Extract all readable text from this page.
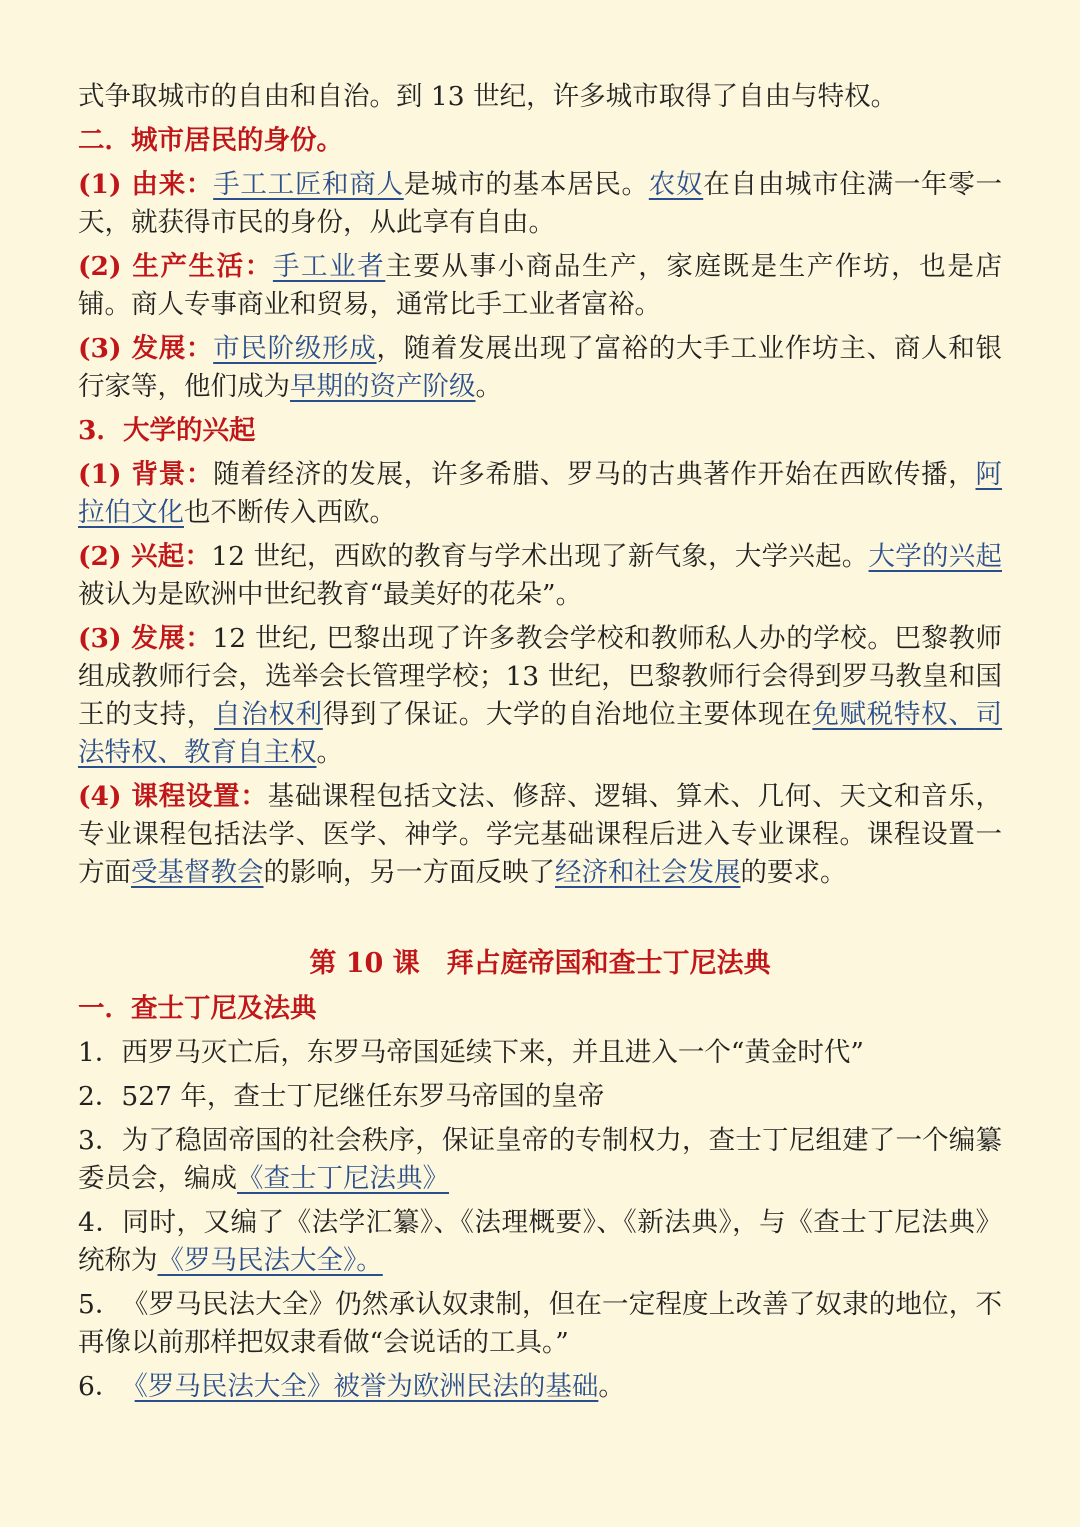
式争取城市的自由和自治。到 13 世纪，许多城市取得了自由与特权。

二．城市居民的身份。

(1) 由来：手工工匠和商人是城市的基本居民。农奴在自由城市住满一年零一天，就获得市民的身份，从此享有自由。

(2) 生产生活：手工业者主要从事小商品生产，家庭既是生产作坊，也是店铺。商人专事商业和贸易，通常比手工业者富裕。

(3) 发展：市民阶级形成，随着发展出现了富裕的大手工业作坊主、商人和银行家等，他们成为早期的资产阶级。

3．大学的兴起

(1) 背景：随着经济的发展，许多希腊、罗马的古典著作开始在西欧传播，阿拉伯文化也不断传入西欧。

(2) 兴起：12 世纪，西欧的教育与学术出现了新气象，大学兴起。大学的兴起被认为是欧洲中世纪教育“最美好的花朵”。

(3) 发展：12 世纪, 巴黎出现了许多教会学校和教师私人办的学校。巴黎教师组成教师行会，选举会长管理学校；13 世纪，巴黎教师行会得到罗马教皇和国王的支持，自治权利得到了保证。大学的自治地位主要体现在免赋税特权、司法特权、教育自主权。

(4) 课程设置：基础课程包括文法、修辞、逻辑、算术、几何、天文和音乐，专业课程包括法学、医学、神学。学完基础课程后进入专业课程。课程设置一方面受基督教会的影响，另一方面反映了经济和社会发展的要求。

第 10 课　拜占庭帝国和查士丁尼法典

一．查士丁尼及法典

1．西罗马灭亡后，东罗马帝国延续下来，并且进入一个“黄金时代”

2．527 年，查士丁尼继任东罗马帝国的皇帝

3．为了稳固帝国的社会秩序，保证皇帝的专制权力，查士丁尼组建了一个编纂委员会，编成《查士丁尼法典》

4．同时，又编了《法学汇纂》、《法理概要》、《新法典》，与《查士丁尼法典》统称为《罗马民法大全》。

5．　《罗马民法大全》仍然承认奴隶制，但在一定程度上改善了奴隶的地位，不再像以前那样把奴隶看做“会说话的工具。”

6．　《罗马民法大全》被誉为欧洲民法的基础。
